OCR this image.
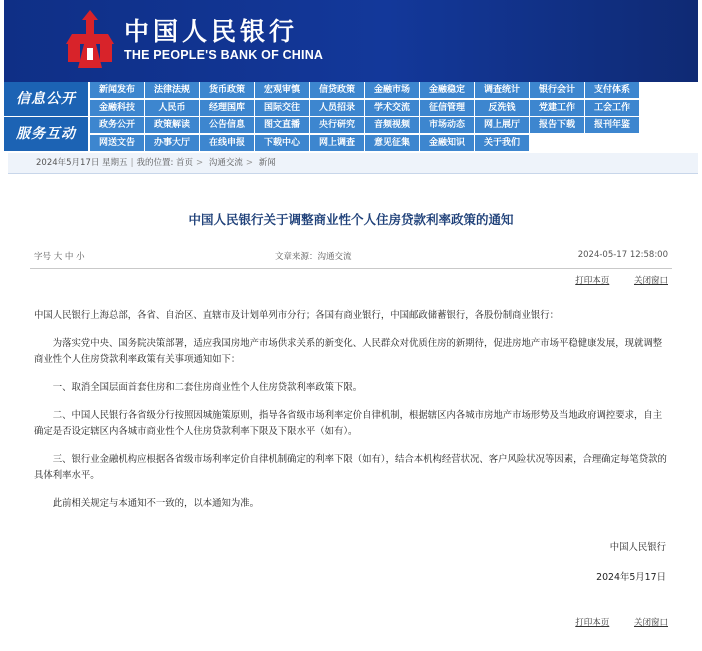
中国人民银行
THE PEOPLE'S BANK OF CHINA
信息公开
新闻发布	法律法规	货币政策	宏观审慎	信贷政策	金融市场	金融稳定	调查统计	银行会计	支付体系
金融科技	人民币	经理国库	国际交往	人员招录	学术交流	征信管理	反洗钱	党建工作	工会工作
服务互动
政务公开	政策解读	公告信息	图文直播	央行研究	音频视频	市场动态	网上展厅	报告下载	报刊年鉴
网送文告	办事大厅	在线申报	下载中心	网上调查	意见征集	金融知识	关于我们
2024年5月17日 星期五 | 我的位置: 首页 > 沟通交流 > 新闻
中国人民银行关于调整商业性个人住房贷款利率政策的通知
字号 大 中 小	文章来源：沟通交流	2024-05-17 12:58:00
打印本页	关闭窗口

中国人民银行上海总部，各省、自治区、直辖市及计划单列市分行；各国有商业银行，中国邮政储蓄银行，各股份制商业银行：

为落实党中央、国务院决策部署，适应我国房地产市场供求关系的新变化、人民群众对优质住房的新期待，促进房地产市场平稳健康发展，现就调整商业性个人住房贷款利率政策有关事项通知如下：

一、取消全国层面首套住房和二套住房商业性个人住房贷款利率政策下限。

二、中国人民银行各省级分行按照因城施策原则，指导各省级市场利率定价自律机制，根据辖区内各城市房地产市场形势及当地政府调控要求，自主确定是否设定辖区内各城市商业性个人住房贷款利率下限及下限水平（如有）。

三、银行业金融机构应根据各省级市场利率定价自律机制确定的利率下限（如有），结合本机构经营状况、客户风险状况等因素，合理确定每笔贷款的具体利率水平。

此前相关规定与本通知不一致的，以本通知为准。

中国人民银行
2024年5月17日
打印本页	关闭窗口
